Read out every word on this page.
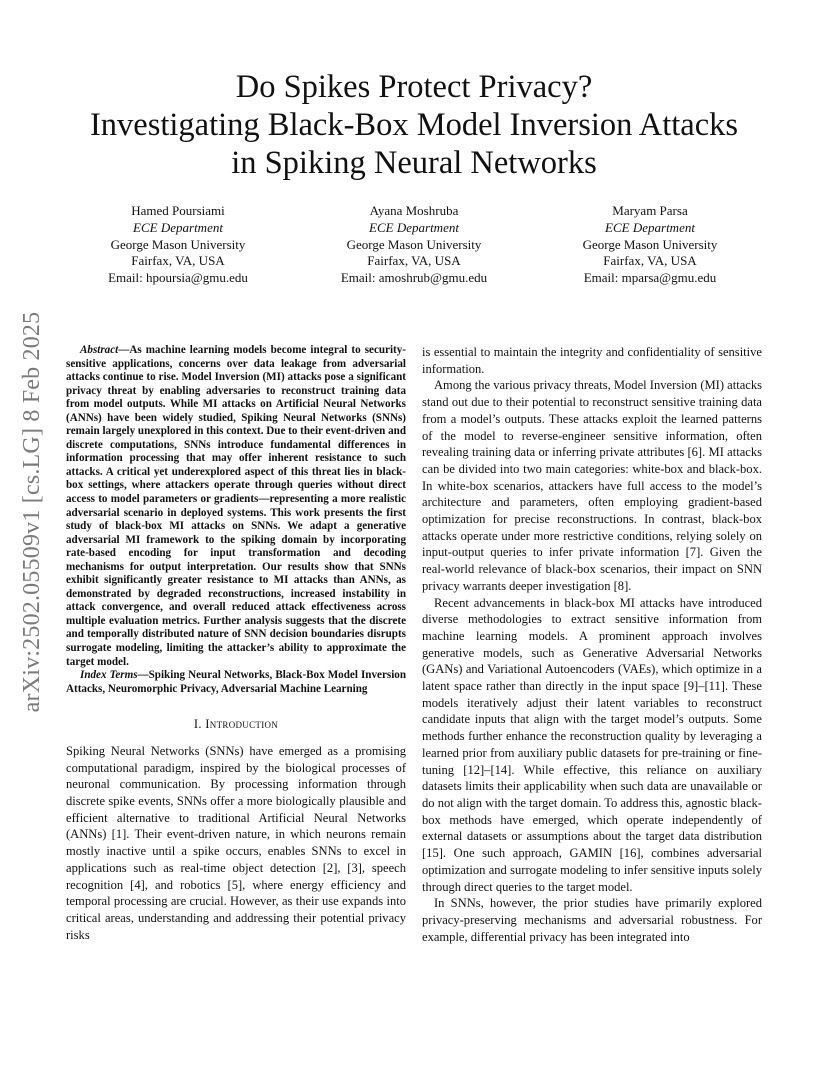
arXiv:2502.05509v1 [cs.LG] 8 Feb 2025
Do Spikes Protect Privacy?
Investigating Black-Box Model Inversion Attacks
in Spiking Neural Networks
Hamed Poursiami
ECE Department
George Mason University
Fairfax, VA, USA
Email: hpoursia@gmu.edu
Ayana Moshruba
ECE Department
George Mason University
Fairfax, VA, USA
Email: amoshrub@gmu.edu
Maryam Parsa
ECE Department
George Mason University
Fairfax, VA, USA
Email: mparsa@gmu.edu

Abstract—As machine learning models become integral to security-sensitive applications, concerns over data leakage from adversarial attacks continue to rise. Model Inversion (MI) attacks pose a significant privacy threat by enabling adversaries to reconstruct training data from model outputs. While MI attacks on Artificial Neural Networks (ANNs) have been widely studied, Spiking Neural Networks (SNNs) remain largely unexplored in this context. Due to their event-driven and discrete computations, SNNs introduce fundamental differences in information processing that may offer inherent resistance to such attacks. A critical yet underexplored aspect of this threat lies in black-box settings, where attackers operate through queries without direct access to model parameters or gradients—representing a more realistic adversarial scenario in deployed systems. This work presents the first study of black-box MI attacks on SNNs. We adapt a generative adversarial MI framework to the spiking domain by incorporating rate-based encoding for input transformation and decoding mechanisms for output interpretation. Our results show that SNNs exhibit significantly greater resistance to MI attacks than ANNs, as demonstrated by degraded reconstructions, increased instability in attack convergence, and overall reduced attack effectiveness across multiple evaluation metrics. Further analysis suggests that the discrete and temporally distributed nature of SNN decision boundaries disrupts surrogate modeling, limiting the attacker’s ability to approximate the target model.

Index Terms—Spiking Neural Networks, Black-Box Model Inversion Attacks, Neuromorphic Privacy, Adversarial Machine Learning

I. Introduction

Spiking Neural Networks (SNNs) have emerged as a promising computational paradigm, inspired by the biological processes of neuronal communication. By processing information through discrete spike events, SNNs offer a more biologically plausible and efficient alternative to traditional Artificial Neural Networks (ANNs) [1]. Their event-driven nature, in which neurons remain mostly inactive until a spike occurs, enables SNNs to excel in applications such as real-time object detection [2], [3], speech recognition [4], and robotics [5], where energy efficiency and temporal processing are crucial. However, as their use expands into critical areas, understanding and addressing their potential privacy risks

is essential to maintain the integrity and confidentiality of sensitive information.

Among the various privacy threats, Model Inversion (MI) attacks stand out due to their potential to reconstruct sensitive training data from a model’s outputs. These attacks exploit the learned patterns of the model to reverse-engineer sensitive information, often revealing training data or inferring private attributes [6]. MI attacks can be divided into two main categories: white-box and black-box. In white-box scenarios, attackers have full access to the model’s architecture and parameters, often employing gradient-based optimization for precise reconstructions. In contrast, black-box attacks operate under more restrictive conditions, relying solely on input-output queries to infer private information [7]. Given the real-world relevance of black-box scenarios, their impact on SNN privacy warrants deeper investigation [8].

Recent advancements in black-box MI attacks have introduced diverse methodologies to extract sensitive information from machine learning models. A prominent approach involves generative models, such as Generative Adversarial Networks (GANs) and Variational Autoencoders (VAEs), which optimize in a latent space rather than directly in the input space [9]–[11]. These models iteratively adjust their latent variables to reconstruct candidate inputs that align with the target model’s outputs. Some methods further enhance the reconstruction quality by leveraging a learned prior from auxiliary public datasets for pre-training or fine-tuning [12]–[14]. While effective, this reliance on auxiliary datasets limits their applicability when such data are unavailable or do not align with the target domain. To address this, agnostic black-box methods have emerged, which operate independently of external datasets or assumptions about the target data distribution [15]. One such approach, GAMIN [16], combines adversarial optimization and surrogate modeling to infer sensitive inputs solely through direct queries to the target model.

In SNNs, however, the prior studies have primarily explored privacy-preserving mechanisms and adversarial robustness. For example, differential privacy has been integrated into
